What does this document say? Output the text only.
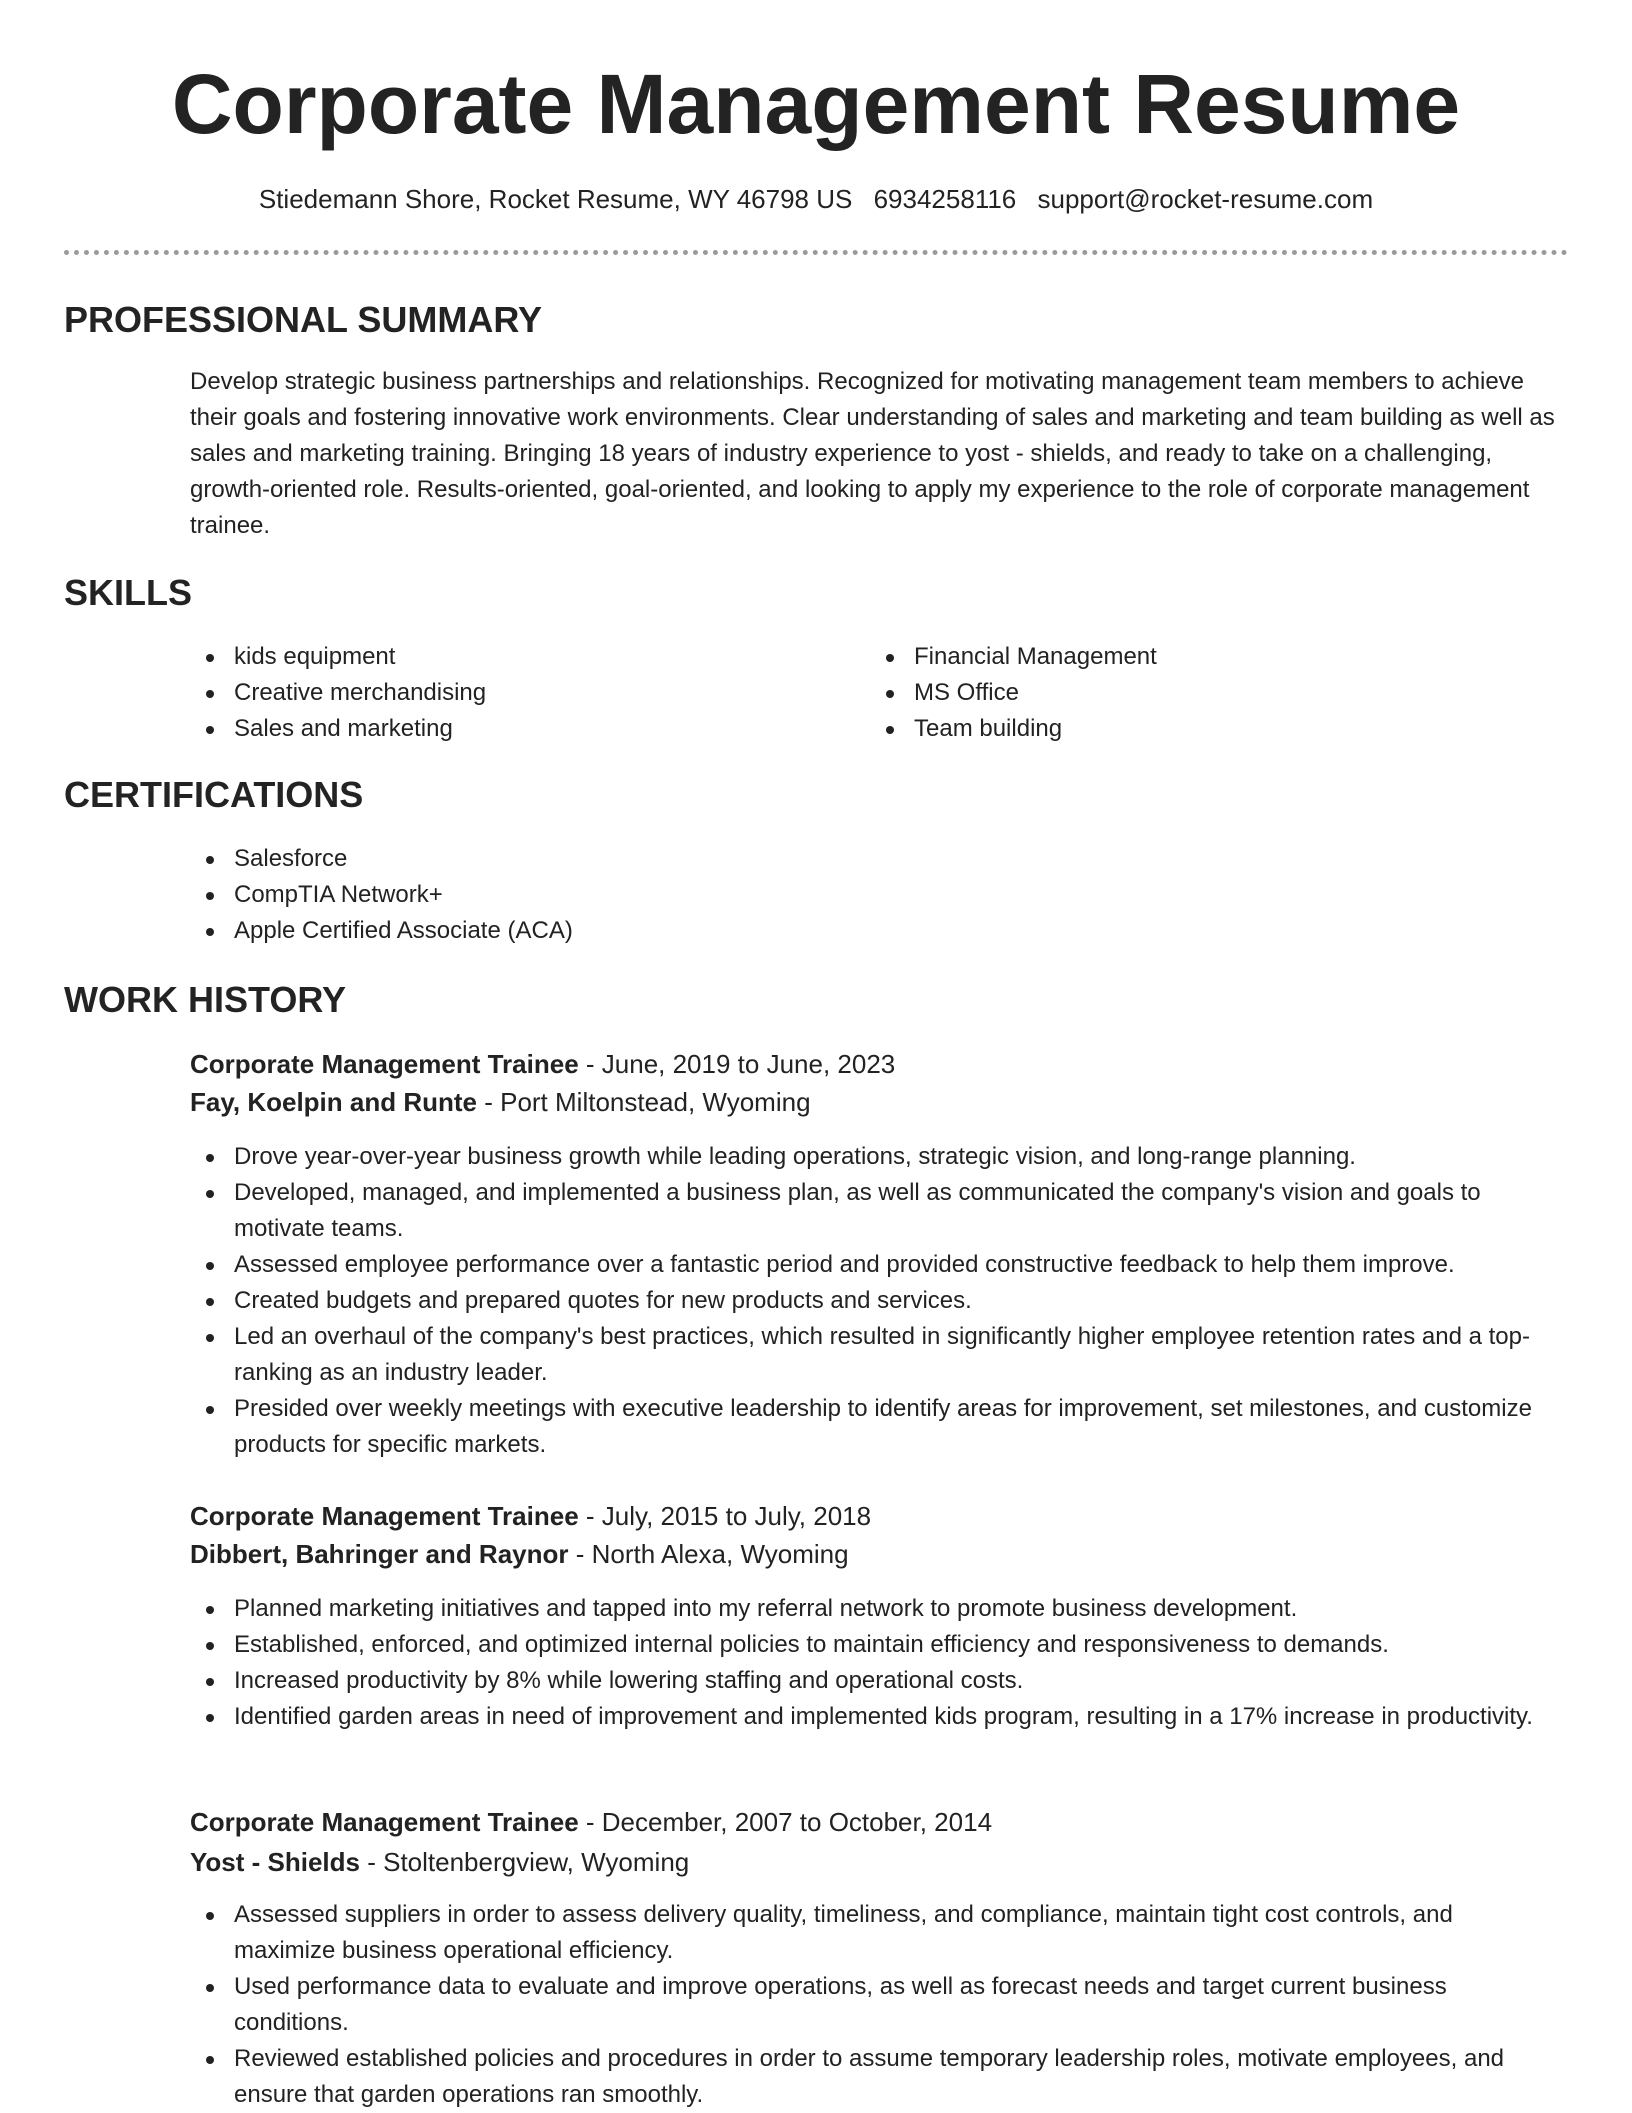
Corporate Management Resume
Stiedemann Shore, Rocket Resume, WY 46798 US 6934258116 support@rocket-resume.com
PROFESSIONAL SUMMARY

Develop strategic business partnerships and relationships. Recognized for motivating management team members to achieve their goals and fostering innovative work environments. Clear understanding of sales and marketing and team building as well as sales and marketing training. Bringing 18 years of industry experience to yost - shields, and ready to take on a challenging, growth-oriented role. Results-oriented, goal-oriented, and looking to apply my experience to the role of corporate management trainee.

SKILLS
kids equipment
Creative merchandising
Sales and marketing
Financial Management
MS Office
Team building
CERTIFICATIONS
Salesforce
CompTIA Network+
Apple Certified Associate (ACA)
WORK HISTORY
Corporate Management Trainee - June, 2019 to June, 2023
Fay, Koelpin and Runte - Port Miltonstead, Wyoming
Drove year-over-year business growth while leading operations, strategic vision, and long-range planning.
Developed, managed, and implemented a business plan, as well as communicated the company's vision and goals to motivate teams.
Assessed employee performance over a fantastic period and provided constructive feedback to help them improve.
Created budgets and prepared quotes for new products and services.
Led an overhaul of the company's best practices, which resulted in significantly higher employee retention rates and a top-ranking as an industry leader.
Presided over weekly meetings with executive leadership to identify areas for improvement, set milestones, and customize products for specific markets.
Corporate Management Trainee - July, 2015 to July, 2018
Dibbert, Bahringer and Raynor - North Alexa, Wyoming
Planned marketing initiatives and tapped into my referral network to promote business development.
Established, enforced, and optimized internal policies to maintain efficiency and responsiveness to demands.
Increased productivity by 8% while lowering staffing and operational costs.
Identified garden areas in need of improvement and implemented kids program, resulting in a 17% increase in productivity.
Corporate Management Trainee - December, 2007 to October, 2014
Yost - Shields - Stoltenbergview, Wyoming
Assessed suppliers in order to assess delivery quality, timeliness, and compliance, maintain tight cost controls, and maximize business operational efficiency.
Used performance data to evaluate and improve operations, as well as forecast needs and target current business conditions.
Reviewed established policies and procedures in order to assume temporary leadership roles, motivate employees, and ensure that garden operations ran smoothly.
